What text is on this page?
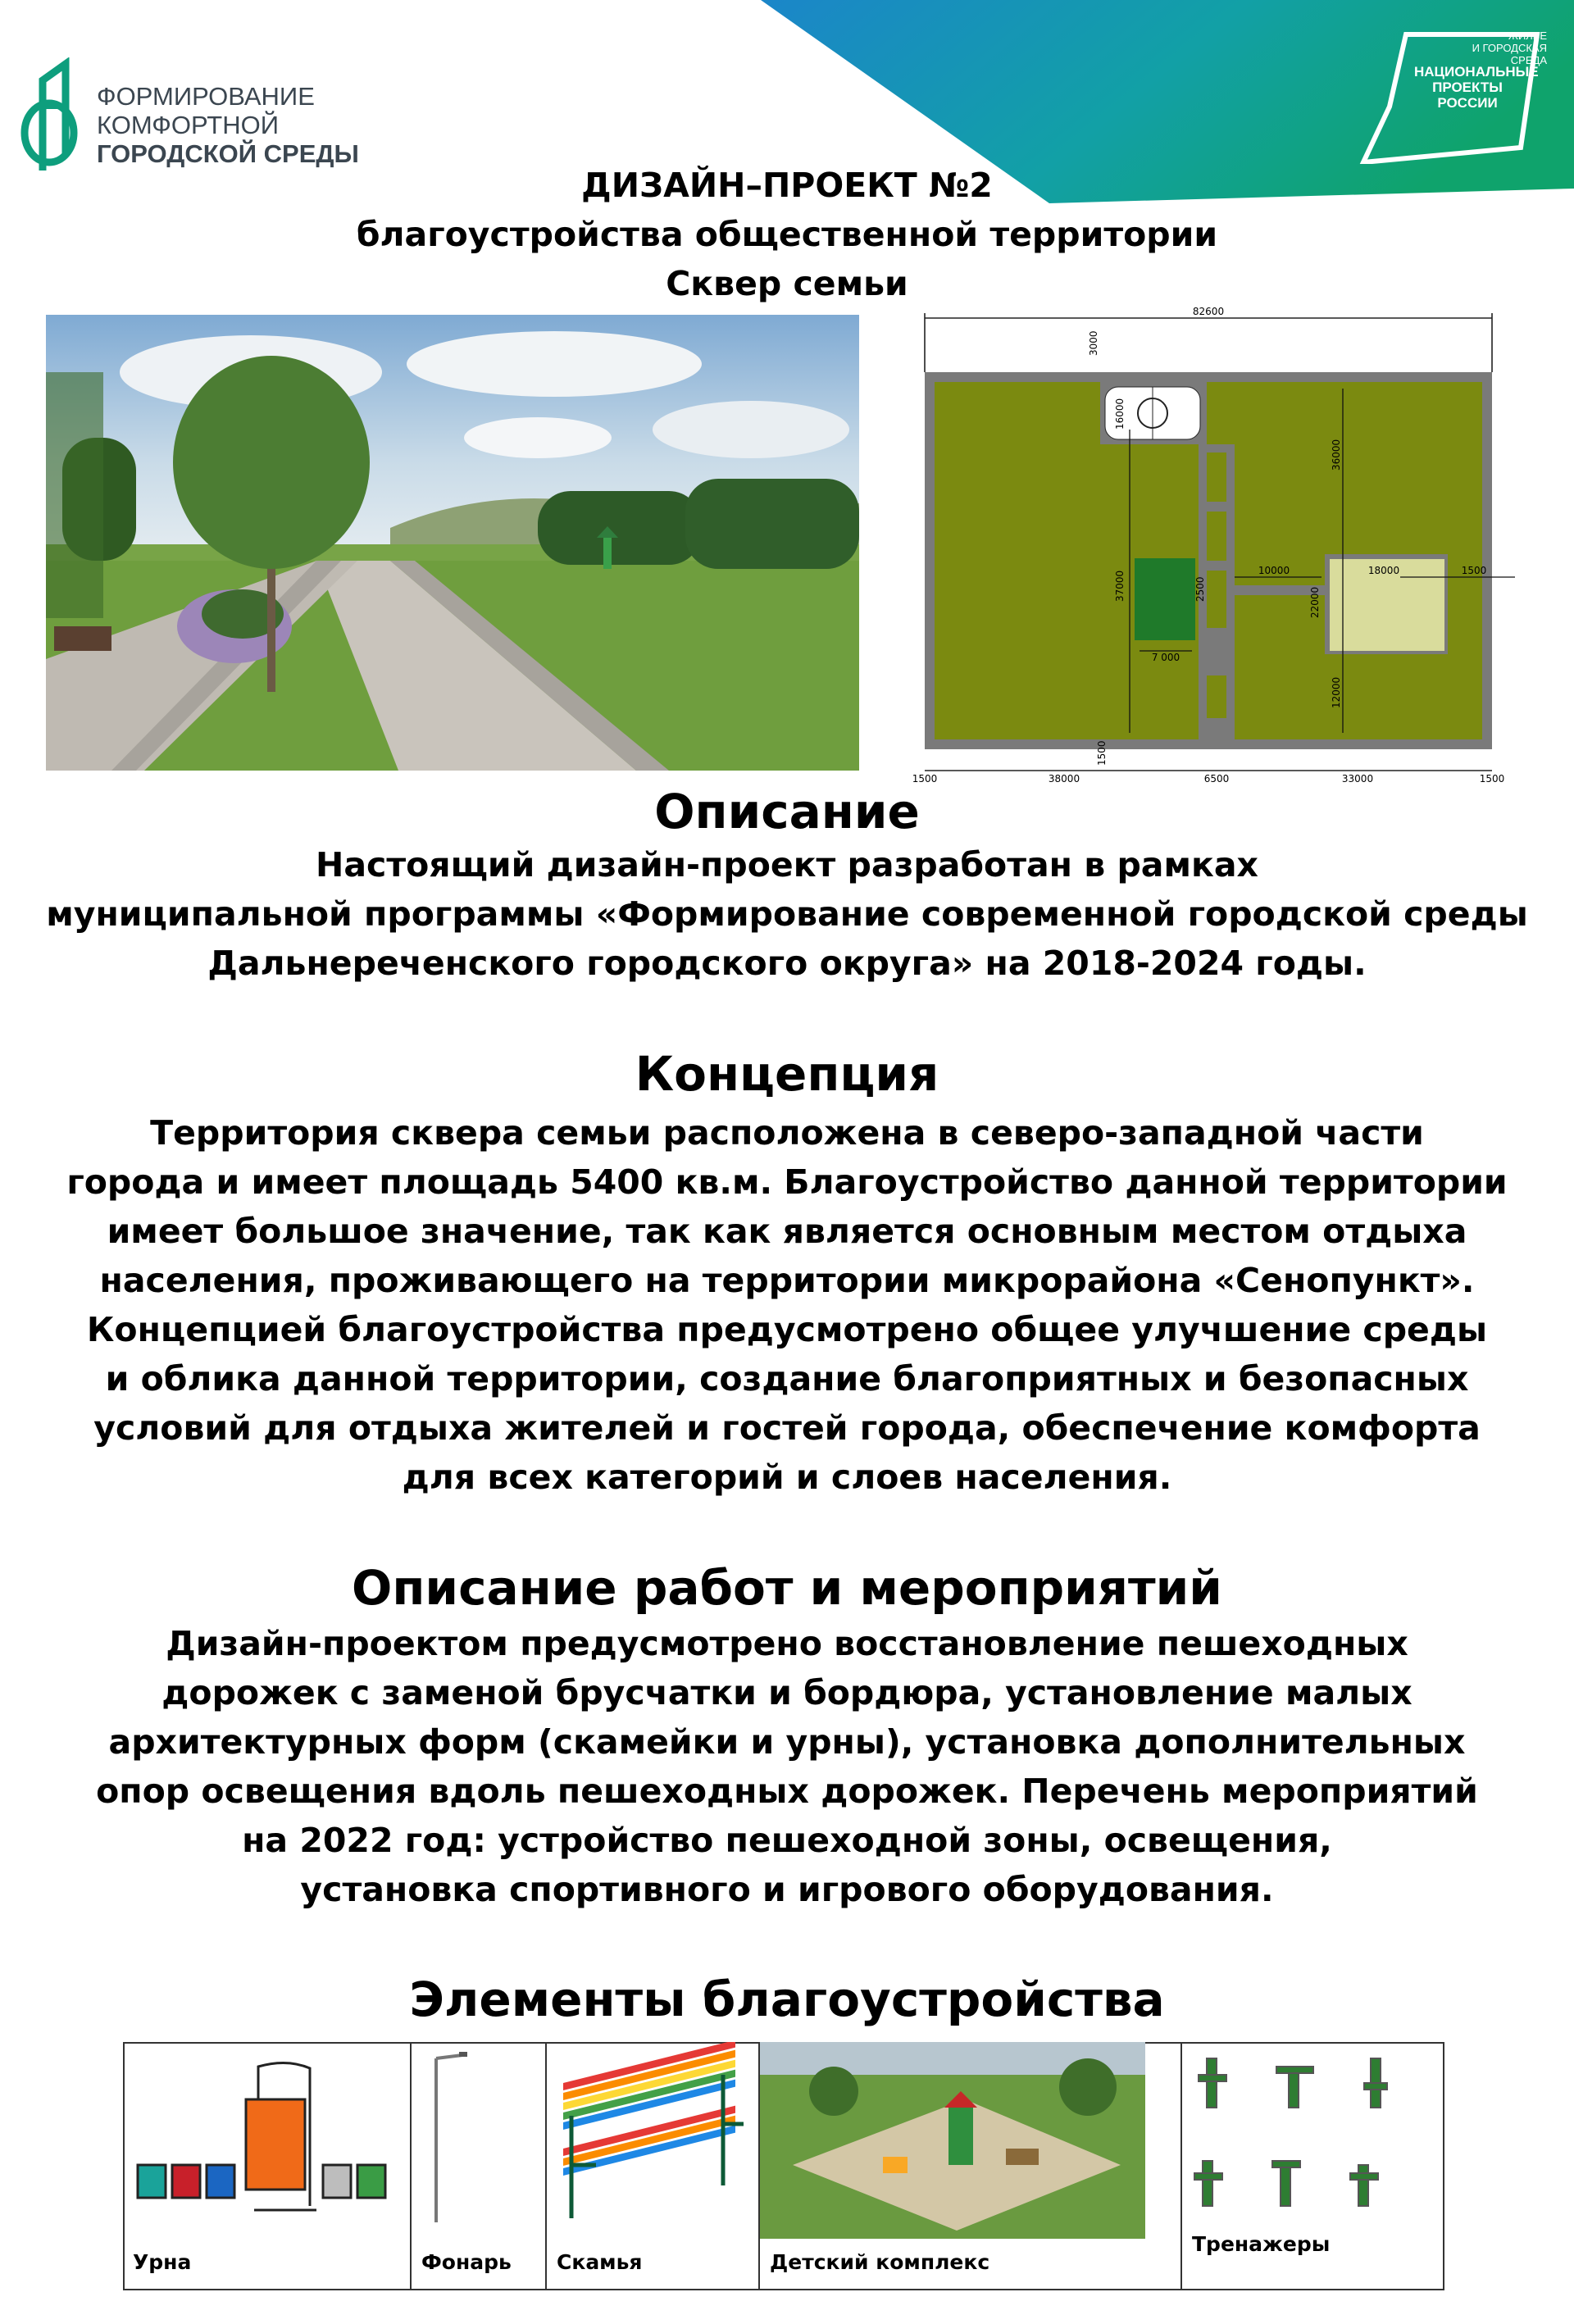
ЖИЛЬЕ
И ГОРОДСКАЯ СРЕДА
НАЦИОНАЛЬНЫЕ
ПРОЕКТЫ
РОССИИ
ФОРМИРОВАНИЕ
КОМФОРТНОЙ
ГОРОДСКОЙ СРЕДЫ
ДИЗАЙН–ПРОЕКТ №2
благоустройства общественной территории
Сквер семьи
82600
7 000
10000	18000	1500
3000
16000
37000	2500
1500
36000
22000
12000
1500	38000	6500	33000	1500
Описание
Настоящий дизайн-проект разработан в рамках
муниципальной программы «Формирование современной городской среды
Дальнереченского городского округа» на 2018-2024 годы.
Концепция
Территория сквера семьи расположена в северо-западной части
города и имеет площадь 5400 кв.м. Благоустройство данной территории
имеет большое значение, так как является основным местом отдыха
населения, проживающего на территории микрорайона «Сенопункт».
Концепцией благоустройства предусмотрено общее улучшение среды
и облика данной территории, создание благоприятных и безопасных
условий для отдыха жителей и гостей города, обеспечение комфорта
для всех категорий и слоев населения.
Описание работ и мероприятий
Дизайн-проектом предусмотрено восстановление пешеходных
дорожек с заменой брусчатки и бордюра, установление малых
архитектурных форм (скамейки и урны), установка дополнительных
опор освещения вдоль пешеходных дорожек. Перечень мероприятий
на 2022 год: устройство пешеходной зоны, освещения,
установка спортивного и игрового оборудования.
Элементы благоустройства
Урна	Фонарь Скамья	Детский комплекс
Тренажеры
